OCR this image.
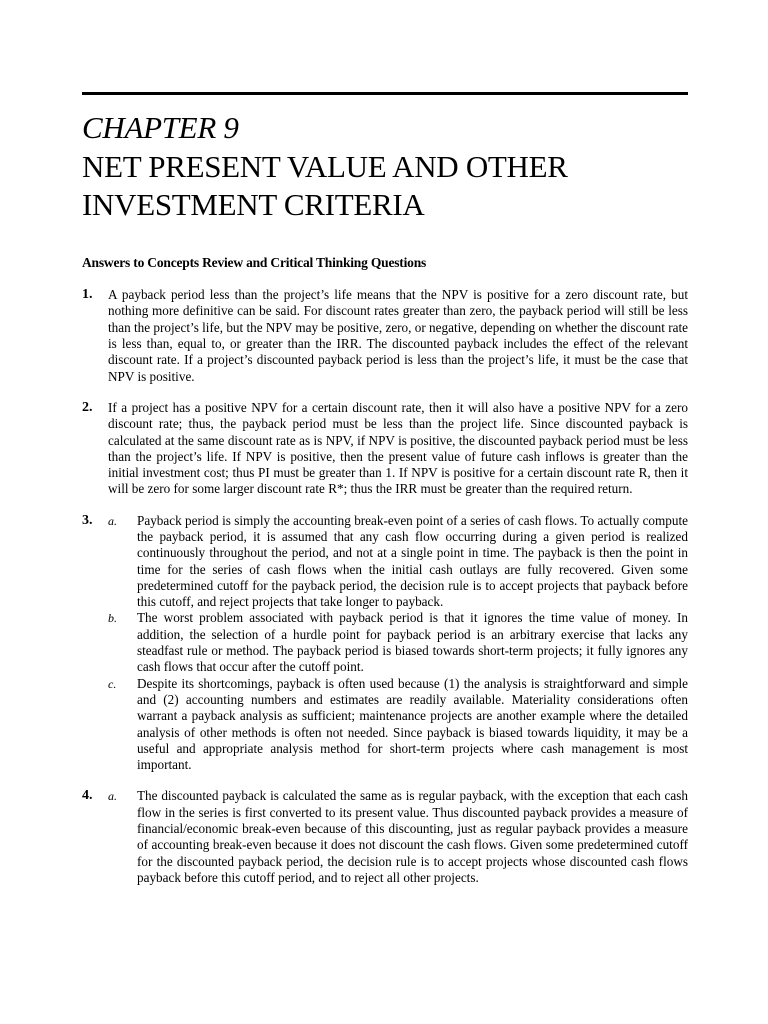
CHAPTER 9
NET PRESENT VALUE AND OTHER
INVESTMENT CRITERIA
Answers to Concepts Review and Critical Thinking Questions
1.	A payback period less than the project’s life means that the NPV is positive for a zero discount rate, but nothing more definitive can be said. For discount rates greater than zero, the payback period will still be less than the project’s life, but the NPV may be positive, zero, or negative, depending on whether the discount rate is less than, equal to, or greater than the IRR. The discounted payback includes the effect of the relevant discount rate. If a project’s discounted payback period is less than the project’s life, it must be the case that NPV is positive.
2.	If a project has a positive NPV for a certain discount rate, then it will also have a positive NPV for a zero discount rate; thus, the payback period must be less than the project life. Since discounted payback is calculated at the same discount rate as is NPV, if NPV is positive, the discounted payback period must be less than the project’s life. If NPV is positive, then the present value of future cash inflows is greater than the initial investment cost; thus PI must be greater than 1. If NPV is positive for a certain discount rate R, then it will be zero for some larger discount rate R*; thus the IRR must be greater than the required return.
3.	a.	Payback period is simply the accounting break-even point of a series of cash flows. To actually compute the payback period, it is assumed that any cash flow occurring during a given period is realized continuously throughout the period, and not at a single point in time. The payback is then the point in time for the series of cash flows when the initial cash outlays are fully recovered. Given some predetermined cutoff for the payback period, the decision rule is to accept projects that payback before this cutoff, and reject projects that take longer to payback.
b.	The worst problem associated with payback period is that it ignores the time value of money. In addition, the selection of a hurdle point for payback period is an arbitrary exercise that lacks any steadfast rule or method. The payback period is biased towards short-term projects; it fully ignores any cash flows that occur after the cutoff point.
c.	Despite its shortcomings, payback is often used because (1) the analysis is straightforward and simple and (2) accounting numbers and estimates are readily available. Materiality considerations often warrant a payback analysis as sufficient; maintenance projects are another example where the detailed analysis of other methods is often not needed. Since payback is biased towards liquidity, it may be a useful and appropriate analysis method for short-term projects where cash management is most important.
4.	a.	The discounted payback is calculated the same as is regular payback, with the exception that each cash flow in the series is first converted to its present value. Thus discounted payback provides a measure of financial/economic break-even because of this discounting, just as regular payback provides a measure of accounting break-even because it does not discount the cash flows. Given some predetermined cutoff for the discounted payback period, the decision rule is to accept projects whose discounted cash flows payback before this cutoff period, and to reject all other projects.
